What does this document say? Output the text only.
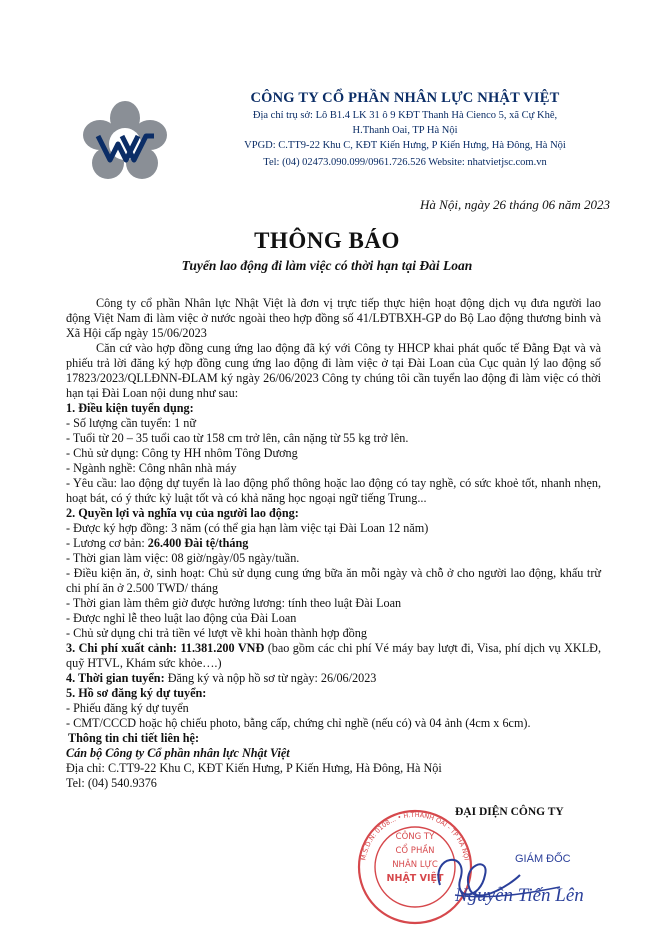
CÔNG TY CỔ PHẦN NHÂN LỰC NHẬT VIỆT
Địa chỉ trụ sở: Lô B1.4 LK 31 ô 9 KĐT Thanh Hà Cienco 5, xã Cự Khê,
H.Thanh Oai, TP Hà Nội
VPGD: C.TT9-22 Khu C, KĐT Kiến Hưng, P Kiến Hưng, Hà Đông, Hà Nội
Tel: (04) 02473.090.099/0961.726.526 Website: nhatvietjsc.com.vn
Hà Nội, ngày 26 tháng 06 năm 2023
THÔNG BÁO
Tuyển lao động đi làm việc có thời hạn tại Đài Loan
Công ty cổ phần Nhân lực Nhật Việt là đơn vị trực tiếp thực hiện hoạt động dịch vụ đưa người lao động Việt Nam đi làm việc ở nước ngoài theo hợp đồng số 41/LĐTBXH-GP do Bộ Lao động thương binh và Xã Hội cấp ngày 15/06/2023
Căn cứ vào hợp đồng cung ứng lao động đã ký với Công ty HHCP khai phát quốc tế Đằng Đạt và và phiếu trả lời đăng ký hợp đồng cung ứng lao động đi làm việc ở tại Đài Loan của Cục quản lý lao động số 17823/2023/QLLĐNN-ĐLAM ký ngày 26/06/2023 Công ty chúng tôi cần tuyển lao động đi làm việc có thời hạn tại Đài Loan nội dung như sau:
1. Điều kiện tuyển dụng:
- Số lượng cần tuyển: 1 nữ
- Tuổi từ 20 – 35 tuổi cao từ 158 cm trở lên, cân nặng từ 55 kg trở lên.
- Chủ sử dụng: Công ty HH nhôm Tông Dương
- Ngành nghề: Công nhân nhà máy
- Yêu cầu: lao động dự tuyển là lao động phổ thông hoặc lao động có tay nghề, có sức khoẻ tốt, nhanh nhẹn, hoạt bát, có ý thức kỷ luật tốt và có khả năng học ngoại ngữ tiếng Trung...
2. Quyền lợi và nghĩa vụ của người lao động:
- Được ký hợp đồng: 3 năm (có thể gia hạn làm việc tại Đài Loan 12 năm)
- Lương cơ bản: 26.400 Đài tệ/tháng
- Thời gian làm việc: 08 giờ/ngày/05 ngày/tuần.
- Điều kiện ăn, ở, sinh hoạt: Chủ sử dụng cung ứng bữa ăn mỗi ngày và chỗ ở cho người lao động, khấu trừ chi phí ăn ở 2.500 TWD/ tháng
- Thời gian làm thêm giờ được hưởng lương: tính theo luật Đài Loan
- Được nghỉ lễ theo luật lao động của Đài Loan
- Chủ sử dụng chi trả tiền vé lượt về khi hoàn thành hợp đồng
3. Chi phí xuất cảnh: 11.381.200 VNĐ (bao gồm các chi phí Vé máy bay lượt đi, Visa, phí dịch vụ XKLĐ, quỹ HTVL, Khám sức khỏe….)
4. Thời gian tuyển: Đăng ký và nộp hồ sơ từ ngày: 26/06/2023
5. Hồ sơ đăng ký dự tuyển:
- Phiếu đăng ký dự tuyển
- CMT/CCCD hoặc hộ chiếu photo, bằng cấp, chứng chỉ nghề (nếu có) và 04 ảnh (4cm x 6cm).
Thông tin chi tiết liên hệ:
Cán bộ Công ty Cổ phần nhân lực Nhật Việt
Địa chỉ: C.TT9-22 Khu C, KĐT Kiến Hưng, P Kiến Hưng, Hà Đông, Hà Nội
Tel: (04) 540.9376
ĐẠI DIỆN CÔNG TY
CÔNG TY
CỔ PHẦN
NHÂN LỰC
NHẬT VIỆT
M.S.D.N: 0108... • H.THANH OAI - TP HÀ NỘI	GIÁM ĐỐC
Nguyễn Tiến Lên
